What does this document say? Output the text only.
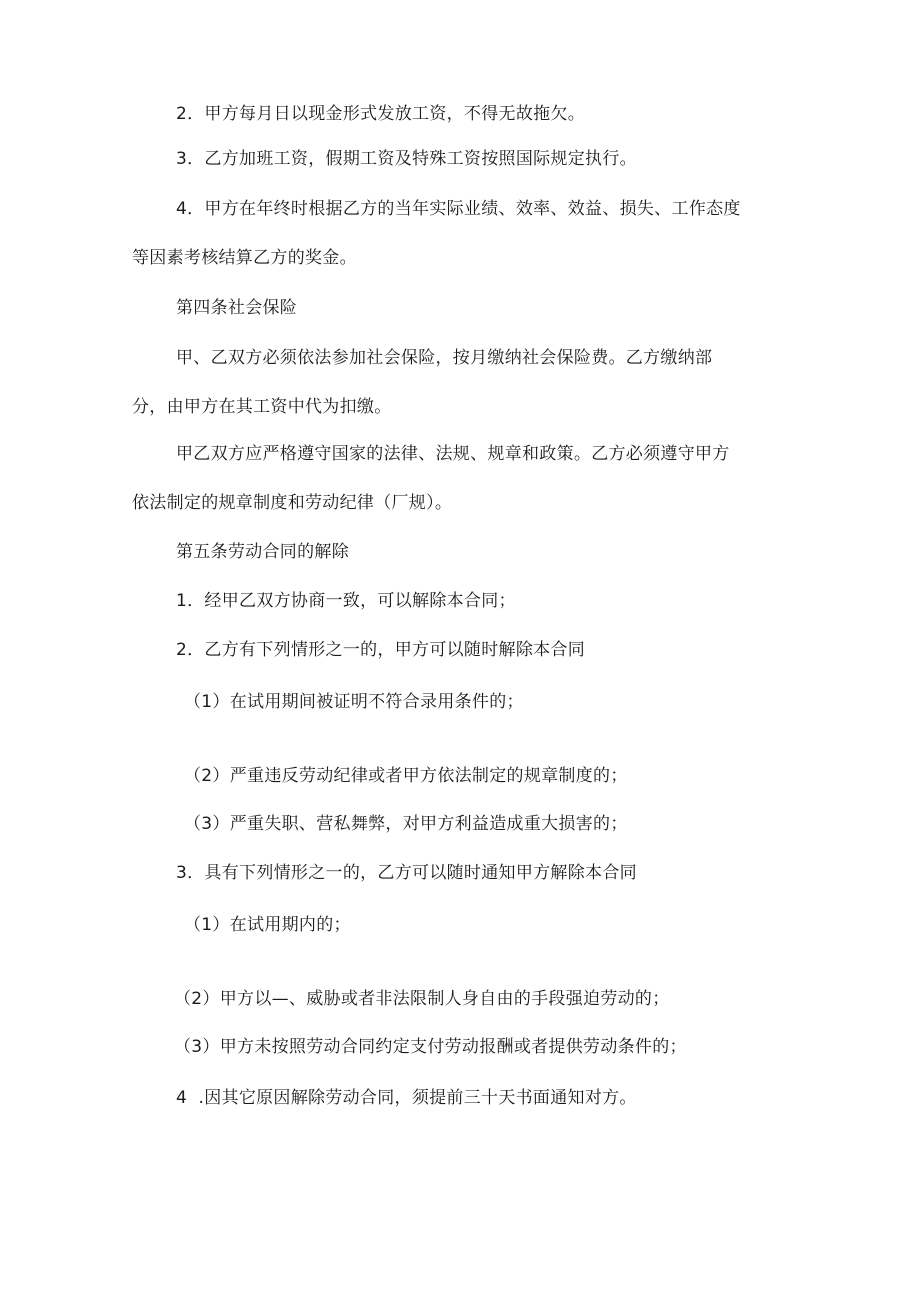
2．甲方每月日以现金形式发放工资，不得无故拖欠。
3．乙方加班工资，假期工资及特殊工资按照国际规定执行。
4．甲方在年终时根据乙方的当年实际业绩、效率、效益、损失、工作态度
等因素考核结算乙方的奖金。
第四条社会保险
甲、乙双方必须依法参加社会保险，按月缴纳社会保险费。乙方缴纳部
分，由甲方在其工资中代为扣缴。
甲乙双方应严格遵守国家的法律、法规、规章和政策。乙方必须遵守甲方
依法制定的规章制度和劳动纪律（厂规）。
第五条劳动合同的解除
1．经甲乙双方协商一致，可以解除本合同；
2．乙方有下列情形之一的，甲方可以随时解除本合同
（1）在试用期间被证明不符合录用条件的；
（2）严重违反劳动纪律或者甲方依法制定的规章制度的；
（3）严重失职、营私舞弊，对甲方利益造成重大损害的；
3．具有下列情形之一的，乙方可以随时通知甲方解除本合同
（1）在试用期内的；
（2）甲方以—、威胁或者非法限制人身自由的手段强迫劳动的；
（3）甲方未按照劳动合同约定支付劳动报酬或者提供劳动条件的；
4  .因其它原因解除劳动合同，须提前三十天书面通知对方。
